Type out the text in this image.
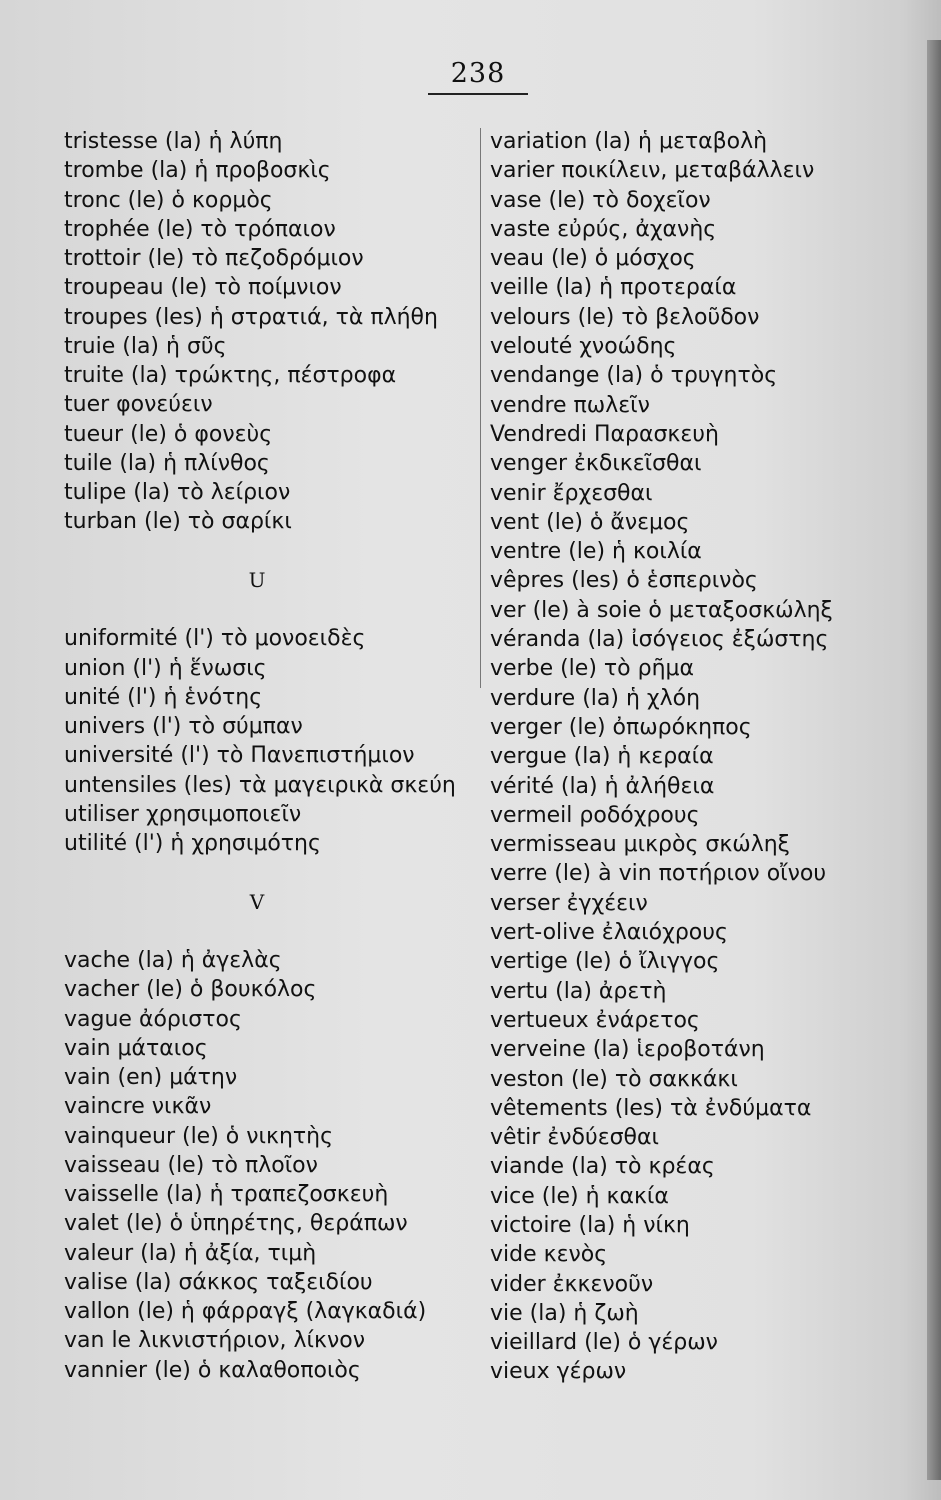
238
tristesse (la) ἡ λύπη
trombe (la) ἡ προβοσκὶς
tronc (le) ὁ κορμὸς
trophée (le) τὸ τρόπαιον
trottoir (le) τὸ πεζοδρόμιον
troupeau (le) τὸ ποίμνιον
troupes (les) ἡ στρατιά, τὰ πλήθη
truie (la) ἡ σῦς
truite (la) τρώκτης, πέστροφα
tuer φονεύειν
tueur (le) ὁ φονεὺς
tuile (la) ἡ πλίνθος
tulipe (la) τὸ λείριον
turban (le) τὸ σαρίκι
U
uniformité (l') τὸ μονοειδὲς
union (l') ἡ ἕνωσις
unité (l') ἡ ἑνότης
univers (l') τὸ σύμπαν
université (l') τὸ Πανεπιστήμιον
untensiles (les) τὰ μαγειρικὰ σκεύη
utiliser χρησιμοποιεῖν
utilité (l') ἡ χρησιμότης
V
vache (la) ἡ ἀγελὰς
vacher (le) ὁ βουκόλος
vague ἀόριστος
vain μάταιος
vain (en) μάτην
vaincre νικᾶν
vainqueur (le) ὁ νικητὴς
vaisseau (le) τὸ πλοῖον
vaisselle (la) ἡ τραπεζοσκευὴ
valet (le) ὁ ὑπηρέτης, θεράπων
valeur (la) ἡ ἀξία, τιμὴ
valise (la) σάκκος ταξειδίου
vallon (le) ἡ φάρραγξ (λαγκαδιά)
van le λικνιστήριον, λίκνον
vannier (le) ὁ καλαθοποιὸς
variation (la) ἡ μεταβολὴ
varier ποικίλειν, μεταβάλλειν
vase (le) τὸ δοχεῖον
vaste εὐρύς, ἀχανὴς
veau (le) ὁ μόσχος
veille (la) ἡ προτεραία
velours (le) τὸ βελοῦδον
velouté χνοώδης
vendange (la) ὁ τρυγητὸς
vendre πωλεῖν
Vendredi Παρασκευὴ
venger ἐκδικεῖσθαι
venir ἔρχεσθαι
vent (le) ὁ ἄνεμος
ventre (le) ἡ κοιλία
vêpres (les) ὁ ἑσπερινὸς
ver (le) à soie ὁ μεταξοσκώληξ
véranda (la) ἰσόγειος ἐξώστης
verbe (le) τὸ ρῆμα
verdure (la) ἡ χλόη
verger (le) ὀπωρόκηπος
vergue (la) ἡ κεραία
vérité (la) ἡ ἀλήθεια
vermeil ροδόχρους
vermisseau μικρὸς σκώληξ
verre (le) à vin ποτήριον οἴνου
verser ἐγχέειν
vert-olive ἐλαιόχρους
vertige (le) ὁ ἴλιγγος
vertu (la) ἀρετὴ
vertueux ἐνάρετος
verveine (la) ἱεροβοτάνη
veston (le) τὸ σακκάκι
vêtements (les) τὰ ἐνδύματα
vêtir ἐνδύεσθαι
viande (la) τὸ κρέας
vice (le) ἡ κακία
victoire (la) ἡ νίκη
vide κενὸς
vider ἐκκενοῦν
vie (la) ἡ ζωὴ
vieillard (le) ὁ γέρων
vieux γέρων
